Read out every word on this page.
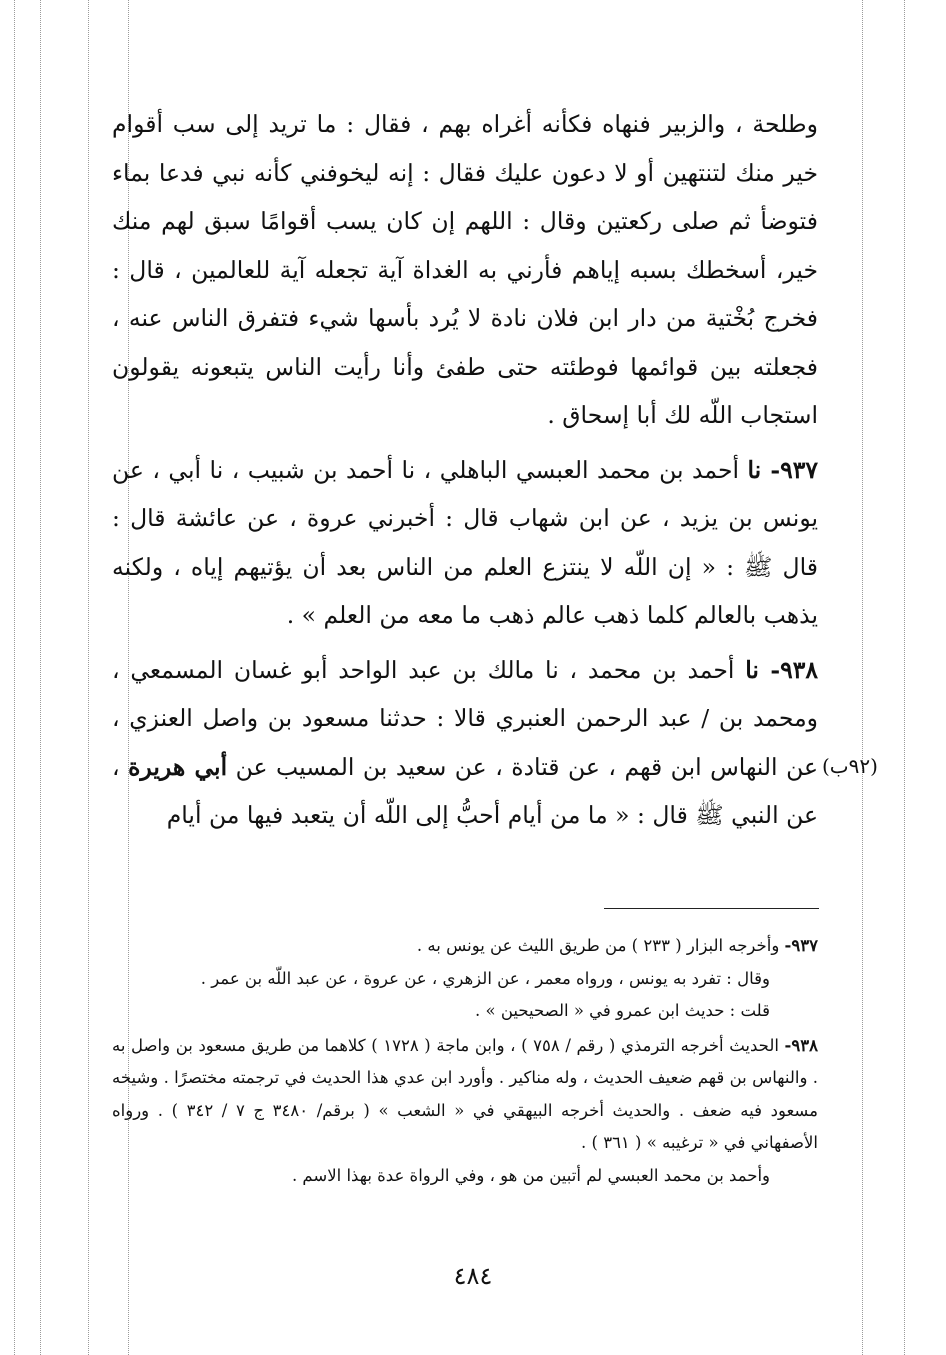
وطلحة ، والزبير فنهاه فكأنه أغراه بهم ، فقال : ما تريد إلى سب أقوام خير منك لتنتهين أو لا دعون عليك فقال : إنه ليخوفني كأنه نبي فدعا بماء فتوضأ ثم صلى ركعتين وقال : اللهم إن كان يسب أقوامًا سبق لهم منك خير، أسخطك بسبه إياهم فأرني به الغداة آية تجعله آية للعالمين ، قال : فخرج بُخْتية من دار ابن فلان نادة لا يُرد بأسها شيء فتفرق الناس عنه ، فجعلته بين قوائمها فوطئته حتى طفئ وأنا رأيت الناس يتبعونه يقولون استجاب اللّه لك أبا إسحاق .

٩٣٧- نا أحمد بن محمد العبسي الباهلي ، نا أحمد بن شبيب ، نا أبي ، عن يونس بن يزيد ، عن ابن شهاب قال : أخبرني عروة ، عن عائشة قال : قال ﷺ : « إن اللّه لا ينتزع العلم من الناس بعد أن يؤتيهم إياه ، ولكنه يذهب بالعالم كلما ذهب عالم ذهب ما معه من العلم » .

٩٣٨- نا أحمد بن محمد ، نا مالك بن عبد الواحد أبو غسان المسمعي ، ومحمد بن / عبد الرحمن العنبري قالا : حدثنا مسعود بن واصل العنزي ، عن النهاس ابن قهم ، عن قتادة ، عن سعيد بن المسيب عن أبي هريرة ، عن النبي ﷺ قال : « ما من أيام أحبُّ إلى اللّه أن يتعبد فيها من أيام

(٩٢ب)

٩٣٧- وأخرجه البزار ( ٢٣٣ ) من طريق الليث عن يونس به .

وقال : تفرد به يونس ، ورواه معمر ، عن الزهري ، عن عروة ، عن عبد اللّه بن عمر .

قلت : حديث ابن عمرو في « الصحيحين » .

٩٣٨- الحديث أخرجه الترمذي ( رقم / ٧٥٨ ) ، وابن ماجة ( ١٧٢٨ ) كلاهما من طريق مسعود بن واصل به . والنهاس بن قهم ضعيف الحديث ، وله مناكير . وأورد ابن عدي هذا الحديث في ترجمته مختصرًا . وشيخه مسعود فيه ضعف . والحديث أخرجه البيهقي في « الشعب » ( برقم/ ٣٤٨٠ ج ٧ / ٣٤٢ ) . ورواه الأصفهاني في « ترغيبه » ( ٣٦١ ) .

وأحمد بن محمد العبسي لم أتبين من هو ، وفي الرواة عدة بهذا الاسم .

٤٨٤
